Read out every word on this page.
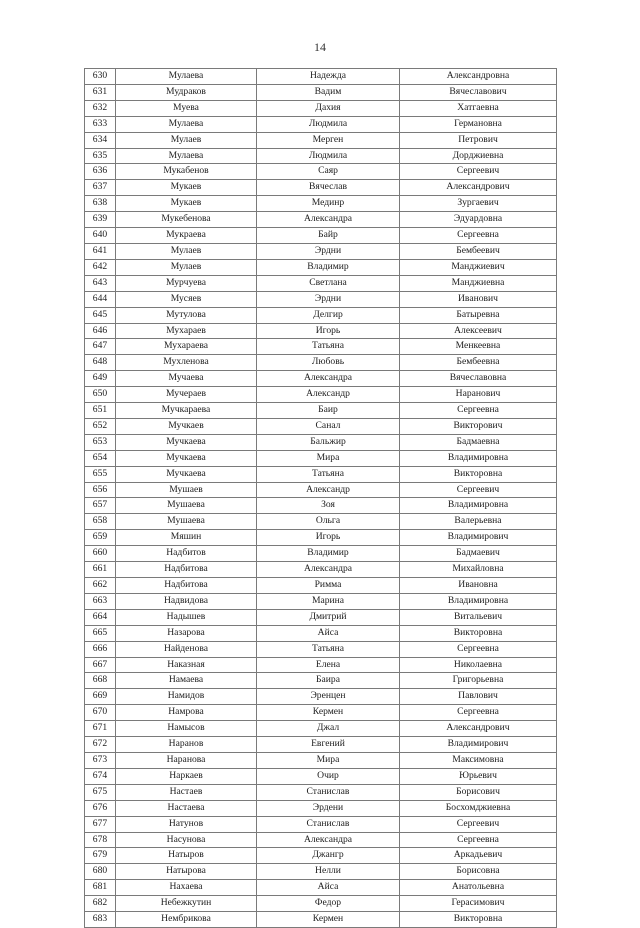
14
630	Мулаева	Надежда	Александровна
631	Мудраков	Вадим	Вячеславович
632	Муева	Дахия	Хатгаевна
633	Мулаева	Людмила	Германовна
634	Мулаев	Мерген	Петрович
635	Мулаева	Людмила	Дорджиевна
636	Мукабенов	Саяр	Сергеевич
637	Мукаев	Вячеслав	Александрович
638	Мукаев	Мединр	Зургаевич
639	Мукебенова	Александра	Эдуардовна
640	Мукраева	Байр	Сергеевна
641	Мулаев	Эрдни	Бембеевич
642	Мулаев	Владимир	Манджиевич
643	Мурчуева	Светлана	Манджиевна
644	Мусяев	Эрдни	Иванович
645	Мутулова	Делгир	Батыревна
646	Мухараев	Игорь	Алексеевич
647	Мухараева	Татьяна	Менкеевна
648	Мухленова	Любовь	Бембеевна
649	Мучаева	Александра	Вячеславовна
650	Мучераев	Александр	Наранович
651	Мучкараева	Баир	Сергеевна
652	Мучкаев	Санал	Викторович
653	Мучкаева	Бальжир	Бадмаевна
654	Мучкаева	Мира	Владимировна
655	Мучкаева	Татьяна	Викторовна
656	Мушаев	Александр	Сергеевич
657	Мушаева	Зоя	Владимировна
658	Мушаева	Ольга	Валерьевна
659	Мяшин	Игорь	Владимирович
660	Надбитов	Владимир	Бадмаевич
661	Надбитова	Александра	Михайловна
662	Надбитова	Римма	Ивановна
663	Надвидова	Марина	Владимировна
664	Надышев	Дмитрий	Витальевич
665	Назарова	Айса	Викторовна
666	Найденова	Татьяна	Сергеевна
667	Наказная	Елена	Николаевна
668	Намаева	Баира	Григорьевна
669	Намидов	Эренцен	Павлович
670	Намрова	Кермен	Сергеевна
671	Намысов	Джал	Александрович
672	Наранов	Евгений	Владимирович
673	Наранова	Мира	Максимовна
674	Наркаев	Очир	Юрьевич
675	Настаев	Станислав	Борисович
676	Настаева	Эрдени	Босхомджиевна
677	Натунов	Станислав	Сергеевич
678	Насунова	Александра	Сергеевна
679	Натыров	Джангр	Аркадьевич
680	Натырова	Нелли	Борисовна
681	Нахаева	Айса	Анатольевна
682	Небежкутин	Федор	Герасимович
683	Нембрикова	Кермен	Викторовна
